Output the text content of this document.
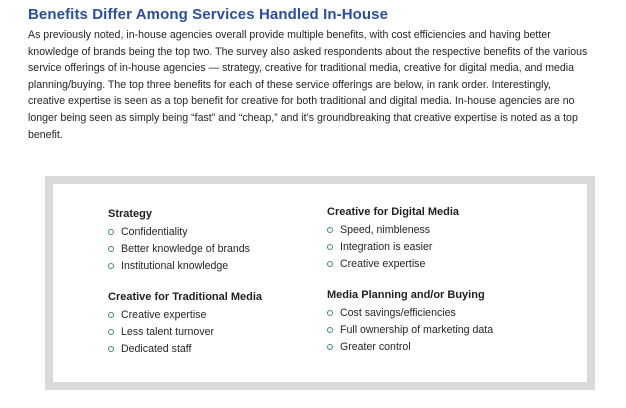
Benefits Differ Among Services Handled In-House
As previously noted, in-house agencies overall provide multiple benefits, with cost efficiencies and having better knowledge of brands being the top two. The survey also asked respondents about the respective benefits of the various service offerings of in-house agencies — strategy, creative for traditional media, creative for digital media, and media planning/buying. The top three benefits for each of these service offerings are below, in rank order. Interestingly, creative expertise is seen as a top benefit for creative for both traditional and digital media. In-house agencies are no longer being seen as simply being “fast” and “cheap,” and it’s groundbreaking that creative expertise is noted as a top benefit.
Strategy
Confidentiality
Better knowledge of brands
Institutional knowledge
Creative for Traditional Media
Creative expertise
Less talent turnover
Dedicated staff
Creative for Digital Media
Speed, nimbleness
Integration is easier
Creative expertise
Media Planning and/or Buying
Cost savings/efficiencies
Full ownership of marketing data
Greater control
